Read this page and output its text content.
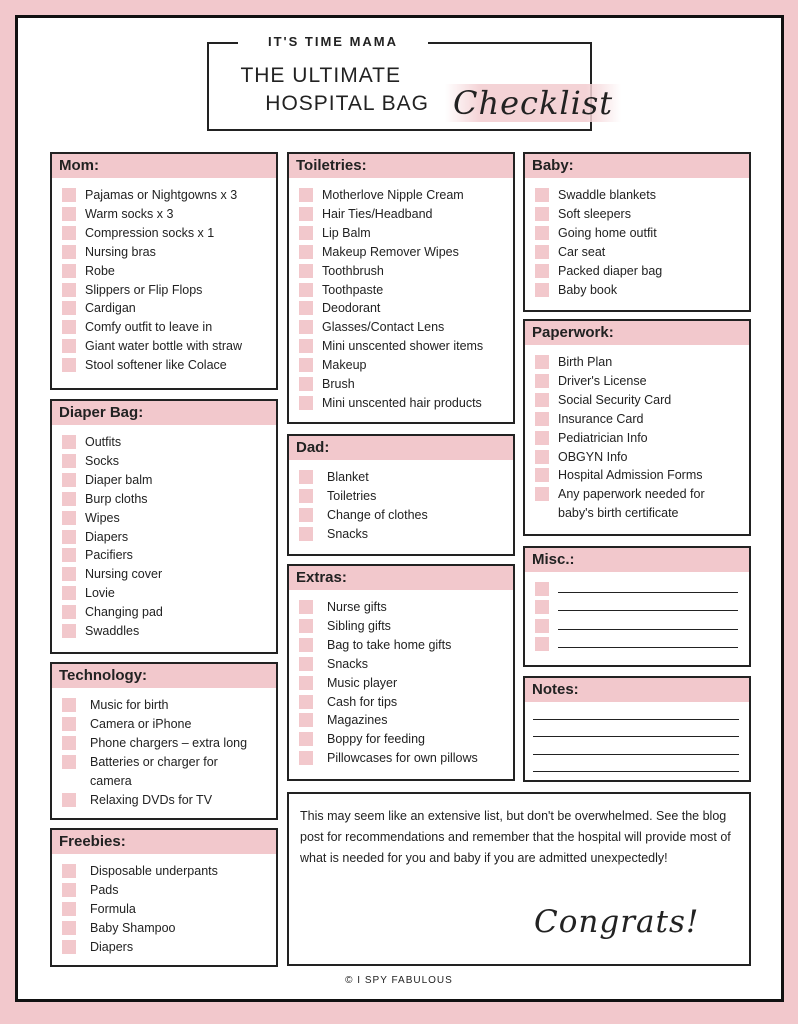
THE ULTIMATE
HOSPITAL BAG Checklist
IT'S TIME MAMA
Mom:
Pajamas or Nightgowns x 3
Warm socks x 3
Compression socks x 1
Nursing bras
Robe
Slippers or Flip Flops
Cardigan
Comfy outfit to leave in
Giant water bottle with straw
Stool softener like Colace
Diaper Bag:
Outfits
Socks
Diaper balm
Burp cloths
Wipes
Diapers
Pacifiers
Nursing cover
Lovie
Changing pad
Swaddles
Technology:
Music for birth
Camera or iPhone
Phone chargers – extra long
Batteries or charger for
camera
Relaxing DVDs for TV
Freebies:
Disposable underpants
Pads
Formula
Baby Shampoo
Diapers
Toiletries:
Motherlove Nipple Cream
Hair Ties/Headband
Lip Balm
Makeup Remover Wipes
Toothbrush
Toothpaste
Deodorant
Glasses/Contact Lens
Mini unscented shower items
Makeup
Brush
Mini unscented hair products
Dad:
Blanket
Toiletries
Change of clothes
Snacks
Extras:
Nurse gifts
Sibling gifts
Bag to take home gifts
Snacks
Music player
Cash for tips
Magazines
Boppy for feeding
Pillowcases for own pillows
Baby:
Swaddle blankets
Soft sleepers
Going home outfit
Car seat
Packed diaper bag
Baby book
Paperwork:
Birth Plan
Driver's License
Social Security Card
Insurance Card
Pediatrician Info
OBGYN Info
Hospital Admission Forms
Any paperwork needed for
baby's birth certificate
Misc.:
Notes:
This may seem like an extensive list, but don't be overwhelmed. See the blog post for recommendations and remember that the hospital will provide most of what is needed for you and baby if you are admitted unexpectedly!
Congrats!
© I SPY FABULOUS
